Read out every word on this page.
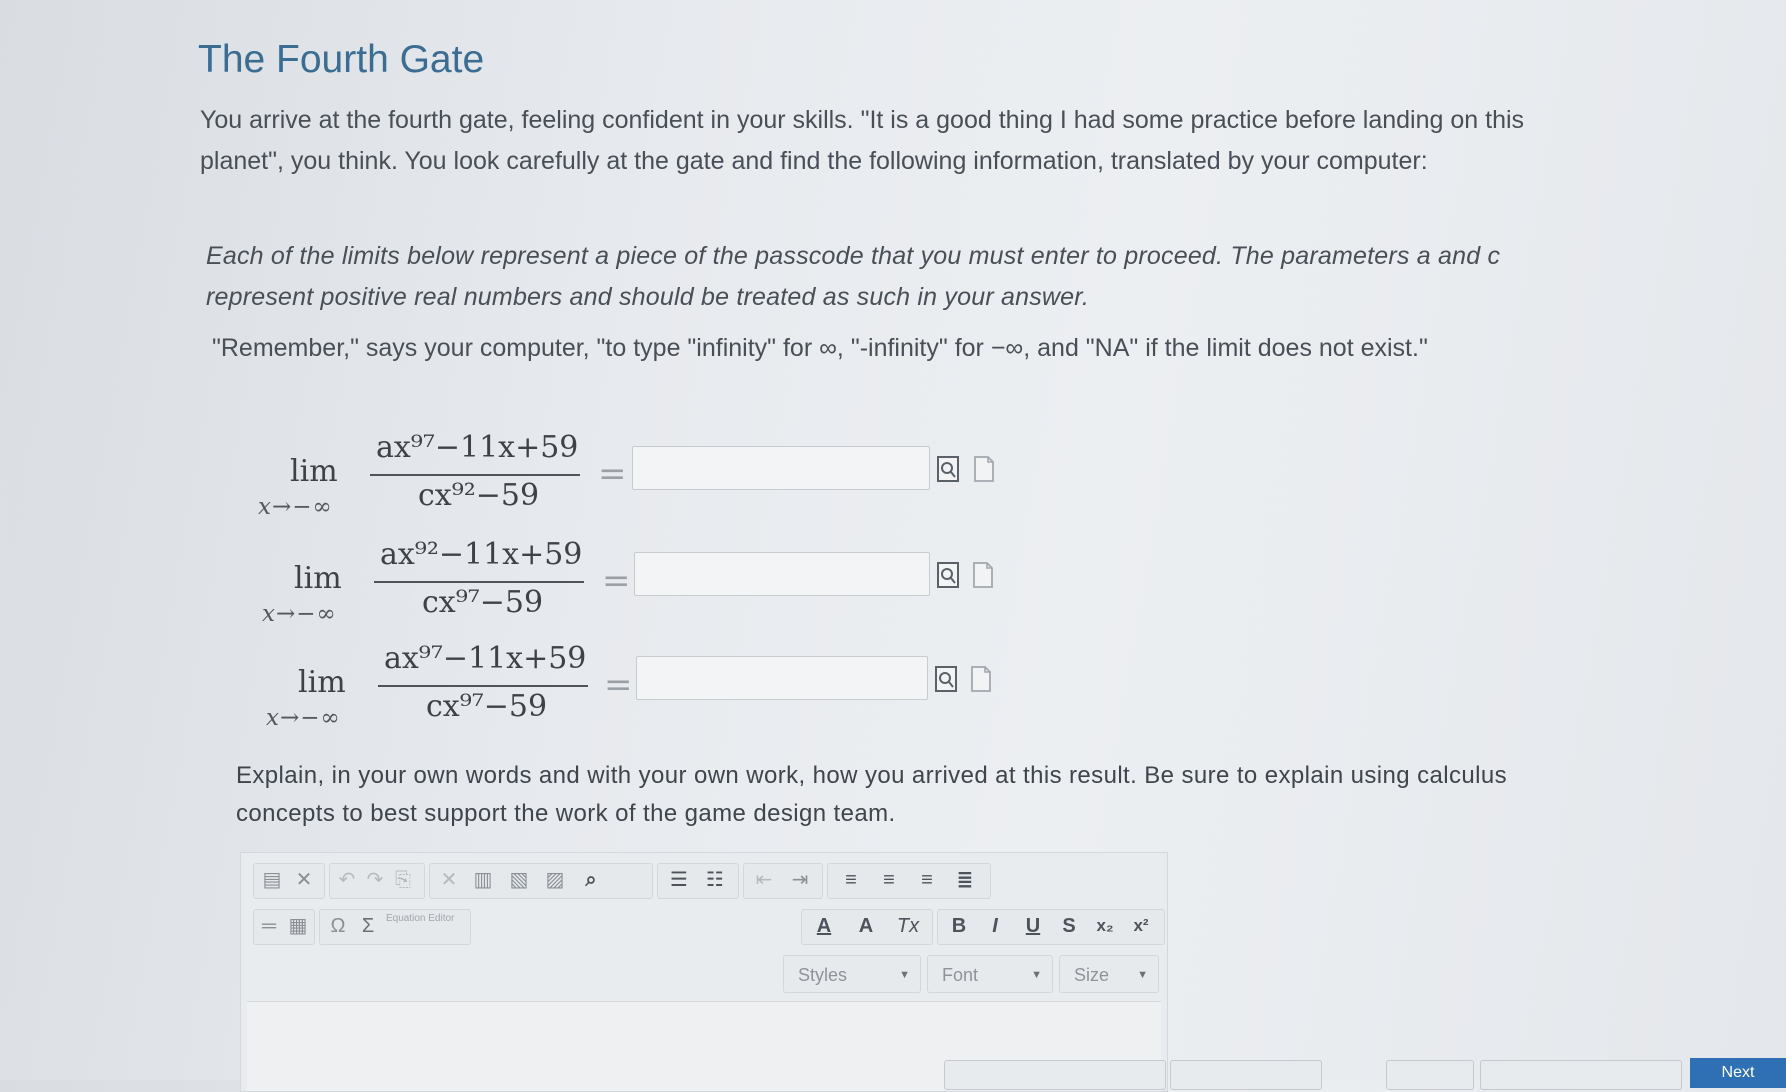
The Fourth Gate

You arrive at the fourth gate, feeling confident in your skills. "It is a good thing I had some practice before landing on this planet", you think. You look carefully at the gate and find the following information, translated by your computer:

Each of the limits below represent a piece of the passcode that you must enter to proceed. The parameters a and c represent positive real numbers and should be treated as such in your answer.

"Remember," says your computer, "to type "infinity" for ∞, "-infinity" for −∞, and "NA" if the limit does not exist."

lim
x→−∞
ax⁹⁷−11x+59
cx⁹²−59
=
lim
x→−∞
ax⁹²−11x+59
cx⁹⁷−59
=
lim
x→−∞
ax⁹⁷−11x+59
cx⁹⁷−59
=

Explain, in your own words and with your own work, how you arrived at this result. Be sure to explain using calculus concepts to best support the work of the game design team.

▤ ✕ ↶ ↷ ⎘	✕ ▥ ▧ ▨	⌕	☰ ☷	⇤ ⇥	≡	≡	≡	≣
═ ▦	Ω Σ	Equation Editor	A	A	Tx	B	I	U	S	x₂	x²
Styles	▼	Font	▼	Size	▼
Next
